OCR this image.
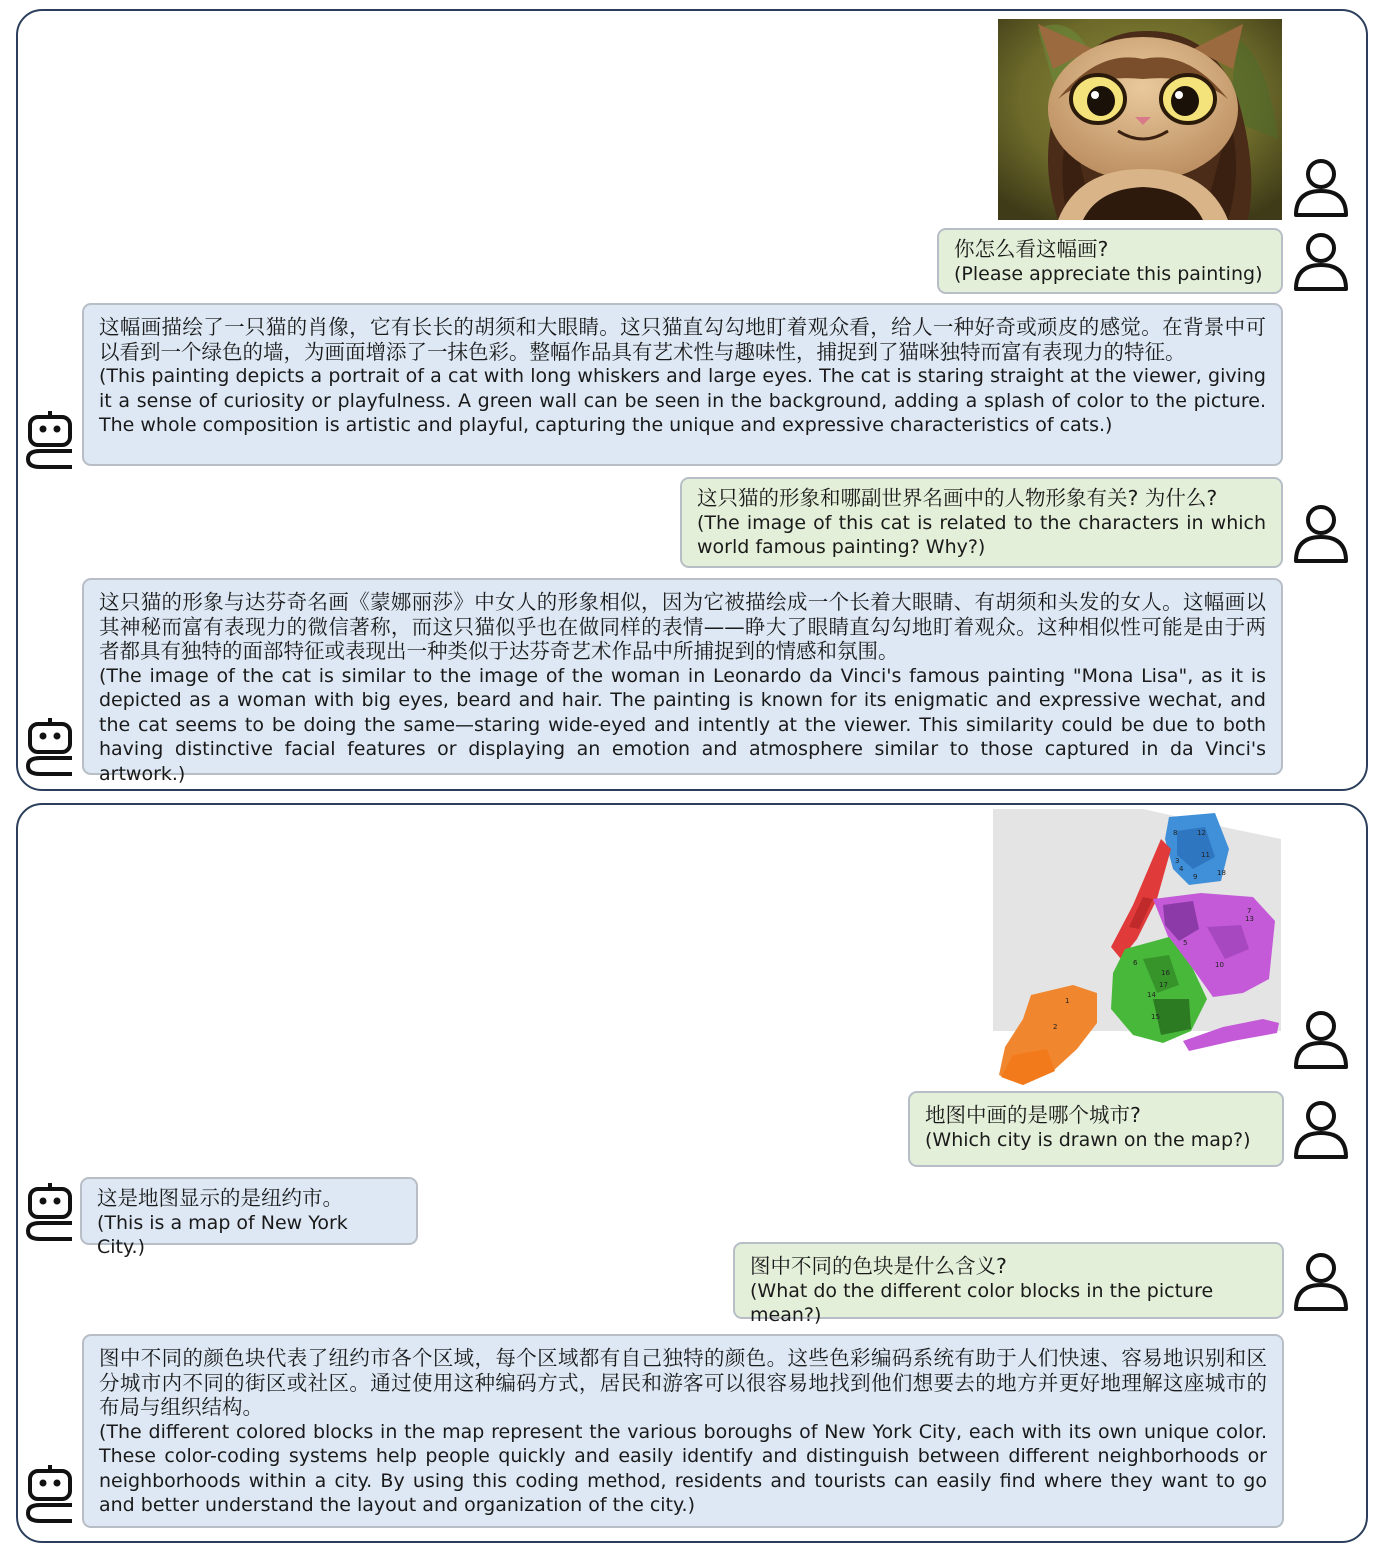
你怎么看这幅画?
(Please appreciate this painting)
这幅画描绘了一只猫的肖像，它有长长的胡须和大眼睛。这只猫直勾勾地盯着观众看，给人一种好奇或顽皮的感觉。在背景中可以看到一个绿色的墙，为画面增添了一抹色彩。整幅作品具有艺术性与趣味性，捕捉到了猫咪独特而富有表现力的特征。
(This painting depicts a portrait of a cat with long whiskers and large eyes. The cat is staring straight at the viewer, giving it a sense of curiosity or playfulness. A green wall can be seen in the background, adding a splash of color to the picture. The whole composition is artistic and playful, capturing the unique and expressive characteristics of cats.)
这只猫的形象和哪副世界名画中的人物形象有关? 为什么?
(The image of this cat is related to the characters in which world famous painting? Why?)
这只猫的形象与达芬奇名画《蒙娜丽莎》中女人的形象相似，因为它被描绘成一个长着大眼睛、有胡须和头发的女人。这幅画以其神秘而富有表现力的微信著称，而这只猫似乎也在做同样的表情——睁大了眼睛直勾勾地盯着观众。这种相似性可能是由于两者都具有独特的面部特征或表现出一种类似于达芬奇艺术作品中所捕捉到的情感和氛围。
(The image of the cat is similar to the image of the woman in Leonardo da Vinci's famous painting "Mona Lisa", as it is depicted as a woman with big eyes, beard and hair. The painting is known for its enigmatic and expressive wechat, and the cat seems to be doing the same—staring wide-eyed and intently at the viewer. This similarity could be due to both having distinctive facial features or displaying an emotion and atmosphere similar to those captured in da Vinci's artwork.)
8	12
7
11
4
9
3
10
1
5
2
6
13
14
15
16
17
18
地图中画的是哪个城市?
(Which city is drawn on the map?)
这是地图显示的是纽约市。
(This is a map of New York City.)
图中不同的色块是什么含义?
(What do the different color blocks in the picture mean?)
图中不同的颜色块代表了纽约市各个区域，每个区域都有自己独特的颜色。这些色彩编码系统有助于人们快速、容易地识别和区分城市内不同的街区或社区。通过使用这种编码方式，居民和游客可以很容易地找到他们想要去的地方并更好地理解这座城市的布局与组织结构。
(The different colored blocks in the map represent the various boroughs of New York City, each with its own unique color. These color-coding systems help people quickly and easily identify and distinguish between different neighborhoods or neighborhoods within a city. By using this coding method, residents and tourists can easily find where they want to go and better understand the layout and organization of the city.)
